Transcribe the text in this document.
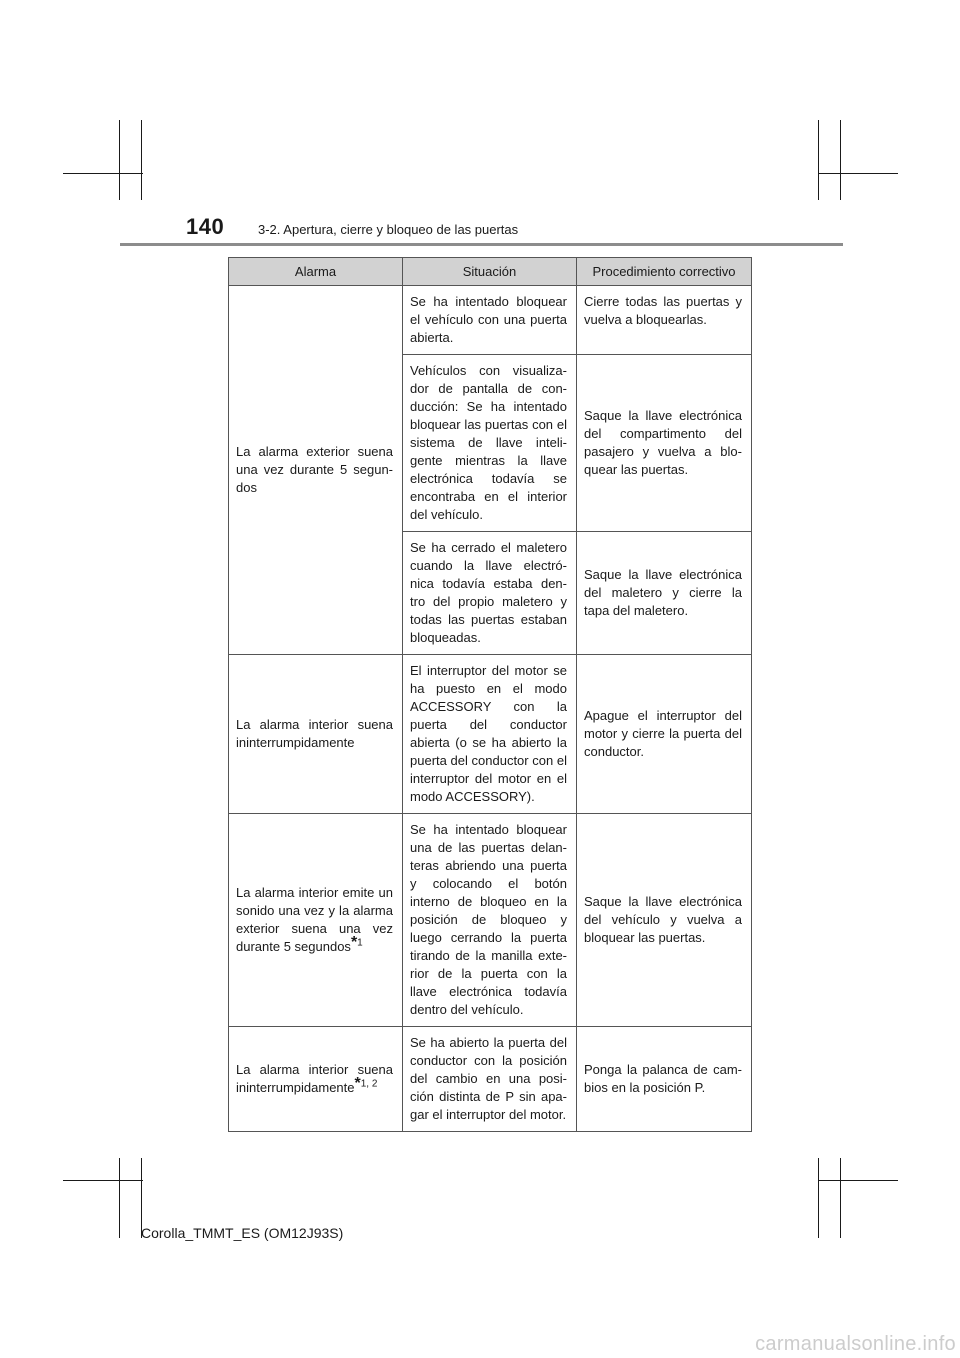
140	3-2. Apertura, cierre y bloqueo de las puertas
Alarma	Situación	Procedimiento correctivo
La alarma exterior suena una vez durante 5 segun-dos	Se ha intentado bloquear el vehículo con una puerta abierta.	Cierre todas las puertas y vuelva a bloquearlas.
	Vehículos con visualiza-dor de pantalla de con-ducción: Se ha intentado bloquear las puertas con el sistema de llave inteli-gente mientras la llave electrónica todavía se encontraba en el interior del vehículo.	Saque la llave electrónica del compartimento del pasajero y vuelva a blo-quear las puertas.
	Se ha cerrado el maletero cuando la llave electró-nica todavía estaba den-tro del propio maletero y todas las puertas estaban bloqueadas.	Saque la llave electrónica del maletero y cierre la tapa del maletero.
La alarma interior suena ininterrumpidamente	El interruptor del motor se ha puesto en el modo ACCESSORY con la puerta del conductor abierta (o se ha abierto la puerta del conductor con el interruptor del motor en el modo ACCESSORY).	Apague el interruptor del motor y cierre la puerta del conductor.
La alarma interior emite un sonido una vez y la alarma exterior suena una vez durante 5 segundos*$^1$	Se ha intentado bloquear una de las puertas delan-teras abriendo una puerta y colocando el botón interno de bloqueo en la posición de bloqueo y luego cerrando la puerta tirando de la manilla exte-rior de la puerta con la llave electrónica todavía dentro del vehículo.	Saque la llave electrónica del vehículo y vuelva a bloquear las puertas.
La alarma interior suena ininterrumpidamente*$^{1, 2}$	Se ha abierto la puerta del conductor con la posición del cambio en una posi-ción distinta de P sin apa-gar el interruptor del motor.	Ponga la palanca de cam-bios en la posición P.
Corolla_TMMT_ES (OM12J93S)
carmanualsonline.info
